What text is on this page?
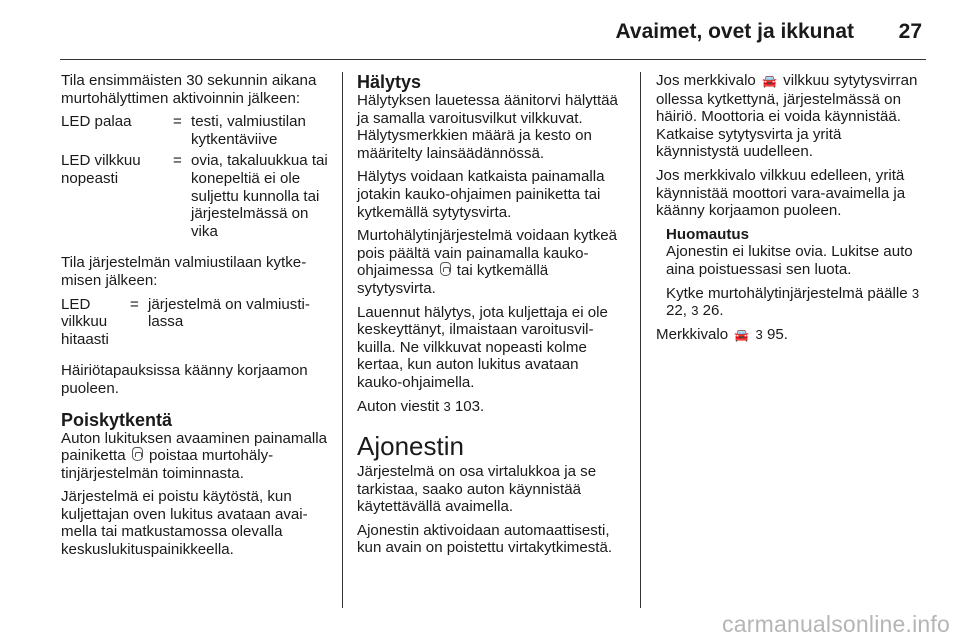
Avaimet, ovet ja ikkunat 27

Tila ensimmäisten 30 sekunnin aikana murtohälyttimen aktivoinnin jälkeen:

LED palaa	= testi, valmiustilan kytkentäviive
LED vilkkuu nopeasti
= ovia, takaluukkua tai konepeltiä ei ole suljettu kunnolla tai järjestelmässä on vika

Tila järjestelmän valmiustilaan kytkemisen jälkeen:

LED vilkkuu hitaasti
= järjestelmä on valmiustilassa

Häiriötapauksissa käänny korjaamon puoleen.

Poiskytkentä

Auton lukituksen avaaminen painamalla painiketta poistaa murtohälytinjärjestelmän toiminnasta.

Järjestelmä ei poistu käytöstä, kun kuljettajan oven lukitus avataan avaimella tai matkustamossa olevalla keskuslukituspainikkeella.

Hälytys

Hälytyksen lauetessa äänitorvi hälyttää ja samalla varoitusvilkut vilkkuvat. Hälytysmerkkien määrä ja kesto on määritelty lainsäädännössä.

Hälytys voidaan katkaista painamalla jotakin kauko-ohjaimen painiketta tai kytkemällä sytytysvirta.

Murtohälytinjärjestelmä voidaan kytkeä pois päältä vain painamalla kauko-ohjaimessa tai kytkemällä sytytysvirta.

Lauennut hälytys, jota kuljettaja ei ole keskeyttänyt, ilmaistaan varoitusvilkuilla. Ne vilkkuvat nopeasti kolme kertaa, kun auton lukitus avataan kauko-ohjaimella.

Auton viestit 3 103.

Ajonestin

Järjestelmä on osa virtalukkoa ja se tarkistaa, saako auton käynnistää käytettävällä avaimella.

Ajonestin aktivoidaan automaattisesti, kun avain on poistettu virtakytkimestä.

Jos merkkivalo 🚘 vilkkuu sytytysvirran ollessa kytkettynä, järjestelmässä on häiriö. Moottoria ei voida käynnistää. Katkaise sytytysvirta ja yritä käynnistystä uudelleen.

Jos merkkivalo vilkkuu edelleen, yritä käynnistää moottori vara-avaimella ja käänny korjaamon puoleen.

Huomautus

Ajonestin ei lukitse ovia. Lukitse auto aina poistuessasi sen luota.

Kytke murtohälytinjärjestelmä päälle 3 22, 3 26.

Merkkivalo 🚘 3 95.

carmanualsonline.info
